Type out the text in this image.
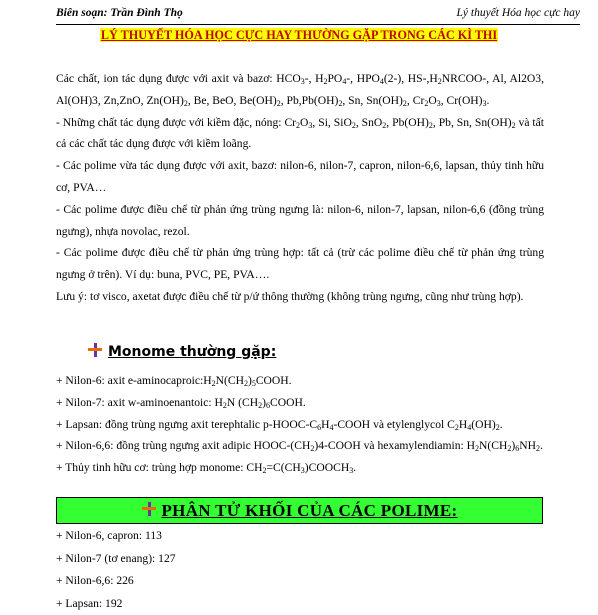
Biên soạn: Trần Đình Thọ	Lý thuyết Hóa học cực hay
LÝ THUYẾT HÓA HỌC CỰC HAY THƯỜNG GẶP TRONG CÁC KÌ THI

Các chất, ion tác dụng được với axit và bazơ: $HCO_3-$, $H_2PO_4-$, $HPO_4(2-)$, $HS-,H_2NRCOO-$, Al, Al2O3, Al(OH)3, Zn,ZnO, $Zn(OH)_2$, Be, BeO, $Be(OH)_2$, $Pb,Pb(OH)_2$, Sn, $Sn(OH)_2$, $Cr_2O_3$, $Cr(OH)_3$.

- Những chất tác dụng được với kiềm đặc, nóng: $Cr_2O_3$, Si, SiO$_2$, SnO$_2$, $Pb(OH)_2$, Pb, Sn, $Sn(OH)_2$ và tất cả các chất tác dụng được với kiềm loãng.

- Các polime vừa tác dụng được với axit, bazơ: nilon-6, nilon-7, capron, nilon-6,6, lapsan, thủy tinh hữu cơ, PVA…

- Các polime được điều chế từ phản ứng trùng ngưng là: nilon-6, nilon-7, lapsan, nilon-6,6 (đồng trùng ngưng), nhựa novolac, rezol.

- Các polime được điều chế từ phản ứng trùng hợp: tất cả (trừ các polime điều chế từ phản ứng trùng ngưng ở trên). Ví dụ: buna, PVC, PE, PVA….

Lưu ý: tơ visco, axetat được điều chế từ p/ứ thông thường (không trùng ngưng, cũng như trùng hợp).

Monome thường gặp:

+ Nilon-6: axit $e-aminocaproic:H_2N(CH_2)_5COOH$.

+ Nilon-7: axit w-aminoenantoic: $H_2N$ $(CH_2)_6COOH$.

+ Lapsan: đồng trùng ngưng axit terephtalic $p-HOOC-C_6H_4$-COOH và etylenglycol $C_2H_4(OH)_2$.

+ Nilon-6,6: đồng trùng ngưng axit adipic HOOC-$(CH_2)4$-COOH và hexamylendiamin: $H_2N(CH_2)_6NH_2$.

+ Thủy tinh hữu cơ: trùng hợp monome: $CH_2=C(CH_3)COOCH_3$.

PHÂN TỬ KHỐI CỦA CÁC POLIME:

+ Nilon-6, capron: 113

+ Nilon-7 (tơ enang): 127

+ Nilon-6,6: 226

+ Lapsan: 192
